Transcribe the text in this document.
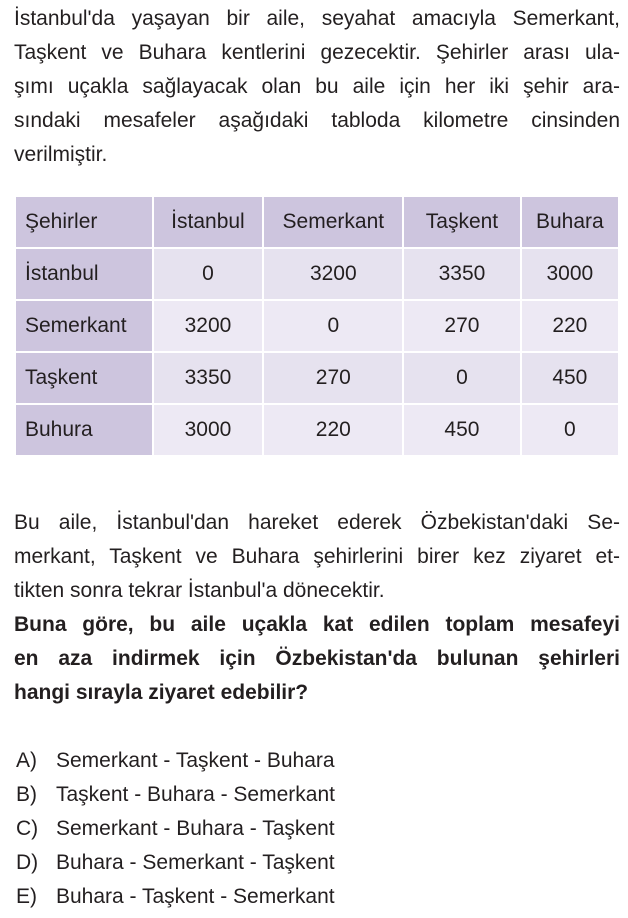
İstanbul'da yaşayan bir aile, seyahat amacıyla Semerkant,
Taşkent ve Buhara kentlerini gezecektir. Şehirler arası ula-
şımı uçakla sağlayacak olan bu aile için her iki şehir ara-
sındaki mesafeler aşağıdaki tabloda kilometre cinsinden
verilmiştir.
Şehirler	İstanbul	Semerkant	Taşkent	Buhara
İstanbul	0	3200	3350	3000
Semerkant	3200	0	270	220
Taşkent	3350	270	0	450
Buhura	3000	220	450	0
Bu aile, İstanbul'dan hareket ederek Özbekistan'daki Se-
merkant, Taşkent ve Buhara şehirlerini birer kez ziyaret et-
tikten sonra tekrar İstanbul'a dönecektir.
Buna göre, bu aile uçakla kat edilen toplam mesafeyi
en aza indirmek için Özbekistan'da bulunan şehirleri
hangi sırayla ziyaret edebilir?
A) Semerkant - Taşkent - Buhara
B) Taşkent - Buhara - Semerkant
C) Semerkant - Buhara - Taşkent
D) Buhara - Semerkant - Taşkent
E) Buhara - Taşkent - Semerkant
